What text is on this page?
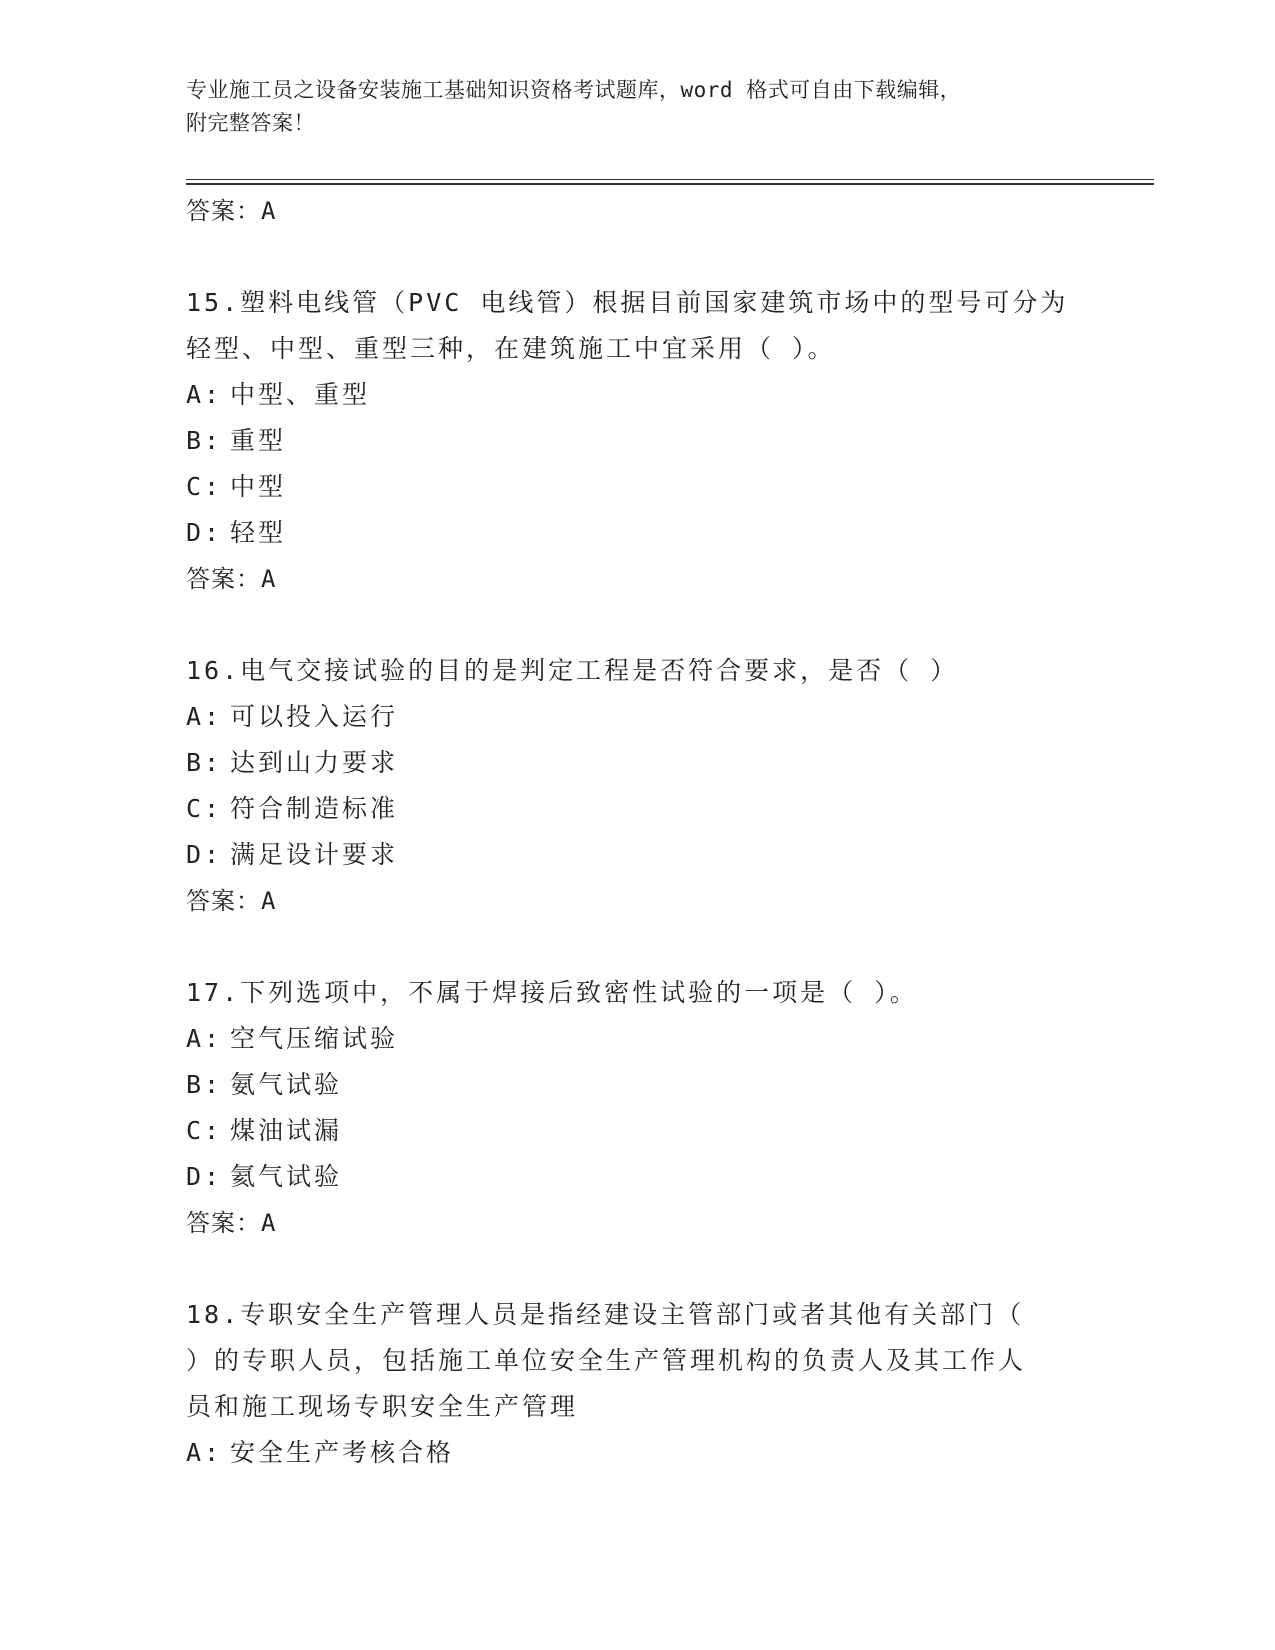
专业施工员之设备安装施工基础知识资格考试题库，word 格式可自由下载编辑，
附完整答案！
答案：A
15.塑料电线管（PVC 电线管）根据目前国家建筑市场中的型号可分为
轻型、中型、重型三种，在建筑施工中宜采用（ ）。
A: 中型、重型
B: 重型
C: 中型
D: 轻型
答案：A
16.电气交接试验的目的是判定工程是否符合要求，是否（ ）
A: 可以投入运行
B: 达到山力要求
C: 符合制造标准
D: 满足设计要求
答案：A
17.下列选项中，不属于焊接后致密性试验的一项是（ ）。
A: 空气压缩试验
B: 氨气试验
C: 煤油试漏
D: 氦气试验
答案：A
18.专职安全生产管理人员是指经建设主管部门或者其他有关部门（
）的专职人员，包括施工单位安全生产管理机构的负责人及其工作人
员和施工现场专职安全生产管理
A: 安全生产考核合格
